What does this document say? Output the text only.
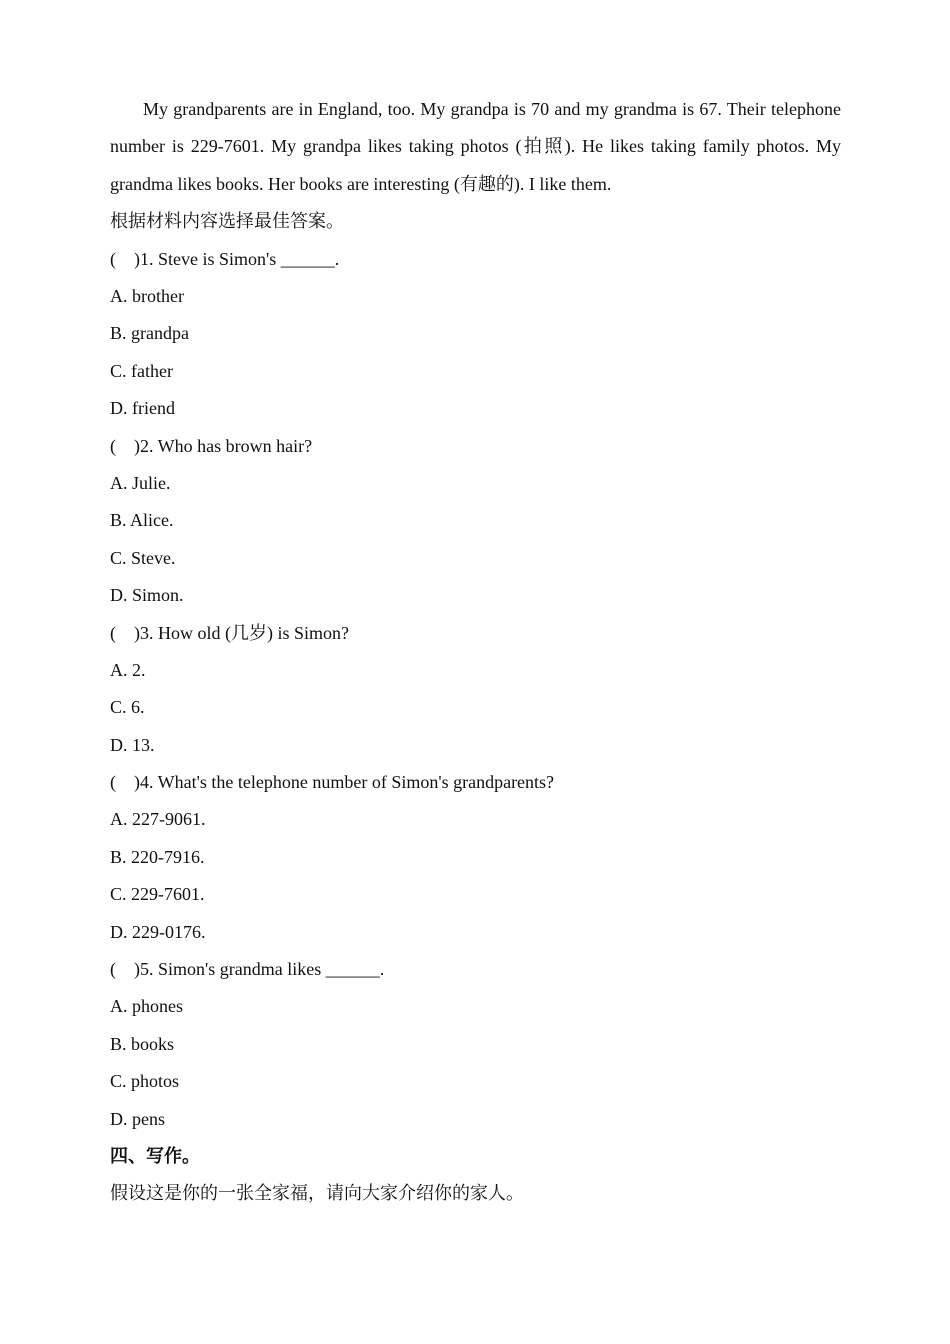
My grandparents are in England, too. My grandpa is 70 and my grandma is 67. Their telephone number is 229-7601. My grandpa likes taking photos (拍照). He likes taking family photos. My grandma likes books. Her books are interesting (有趣的). I like them.

根据材料内容选择最佳答案。

(    )1. Steve is Simon's ______.

A. brother

B. grandpa

C. father

D. friend

(    )2. Who has brown hair?

A. Julie.

B. Alice.

C. Steve.

D. Simon.

(    )3. How old (几岁) is Simon?

A. 2.

C. 6.

D. 13.

(    )4. What's the telephone number of Simon's grandparents?

A. 227-9061.

B. 220-7916.

C. 229-7601.

D. 229-0176.

(    )5. Simon's grandma likes ______.

A. phones

B. books

C. photos

D. pens

四、写作。

假设这是你的一张全家福，请向大家介绍你的家人。
